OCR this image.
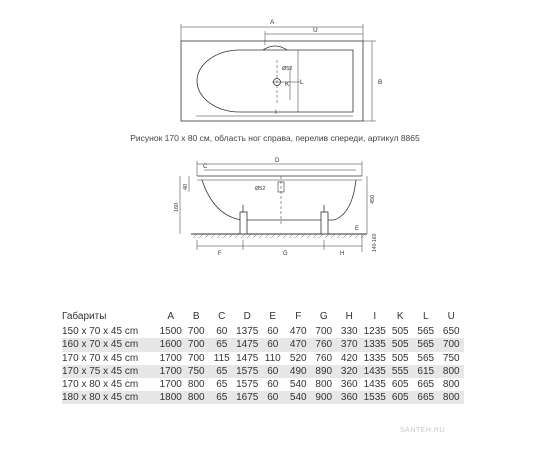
A
U
B
K L
I
Ø52
C
D
Ø52
40
160
450
F	G	H
E
140-160
Рисунок 170 х 80 см, область ног справа, перелив спереди, артикул 8865
Габариты	A	B	C	D	E	F	G	H	I	K	L	U
150 x 70 x 45 cm	1500	700	60	1375	60	470	700	330	1235	505	565	650
160 x 70 x 45 cm	1600	700	65	1475	60	470	760	370	1335	505	565	700
170 x 70 x 45 cm	1700	700	115	1475	110	520	760	420	1335	505	565	750
170 x 75 x 45 cm	1700	750	65	1575	60	490	890	320	1435	555	615	800
170 x 80 x 45 cm	1700	800	65	1575	60	540	800	360	1435	605	665	800
180 x 80 x 45 cm	1800	800	65	1675	60	540	900	360	1535	605	665	800
SANTEH.RU
